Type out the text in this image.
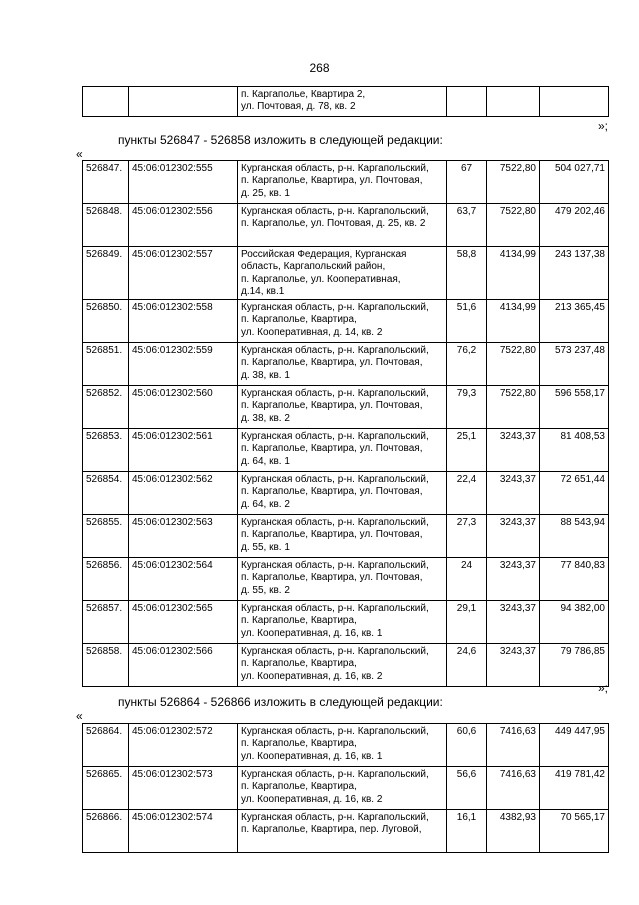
268
		п. Каргаполье, Квартира 2,
ул. Почтовая, д. 78, кв. 2			
»;
пункты 526847 - 526858 изложить в следующей редакции:
«
526847.	45:06:012302:555	Курганская область, р-н. Каргапольский,
п. Каргаполье, Квартира, ул. Почтовая,
д. 25, кв. 1	67	7522,80	504 027,71
526848.	45:06:012302:556	Курганская область, р-н. Каргапольский,
п. Каргаполье, ул. Почтовая, д. 25, кв. 2	63,7	7522,80	479 202,46
526849.	45:06:012302:557	Российская Федерация, Курганская
область, Каргапольский район,
п. Каргаполье, ул. Кооперативная,
д.14, кв.1	58,8	4134,99	243 137,38
526850.	45:06:012302:558	Курганская область, р-н. Каргапольский,
п. Каргаполье, Квартира,
ул. Кооперативная, д. 14, кв. 2	51,6	4134,99	213 365,45
526851.	45:06:012302:559	Курганская область, р-н. Каргапольский,
п. Каргаполье, Квартира, ул. Почтовая,
д. 38, кв. 1	76,2	7522,80	573 237,48
526852.	45:06:012302:560	Курганская область, р-н. Каргапольский,
п. Каргаполье, Квартира, ул. Почтовая,
д. 38, кв. 2	79,3	7522,80	596 558,17
526853.	45:06:012302:561	Курганская область, р-н. Каргапольский,
п. Каргаполье, Квартира, ул. Почтовая,
д. 64, кв. 1	25,1	3243,37	81 408,53
526854.	45:06:012302:562	Курганская область, р-н. Каргапольский,
п. Каргаполье, Квартира, ул. Почтовая,
д. 64, кв. 2	22,4	3243,37	72 651,44
526855.	45:06:012302:563	Курганская область, р-н. Каргапольский,
п. Каргаполье, Квартира, ул. Почтовая,
д. 55, кв. 1	27,3	3243,37	88 543,94
526856.	45:06:012302:564	Курганская область, р-н. Каргапольский,
п. Каргаполье, Квартира, ул. Почтовая,
д. 55, кв. 2	24	3243,37	77 840,83
526857.	45:06:012302:565	Курганская область, р-н. Каргапольский,
п. Каргаполье, Квартира,
ул. Кооперативная, д. 16, кв. 1	29,1	3243,37	94 382,00
526858.	45:06:012302:566	Курганская область, р-н. Каргапольский,
п. Каргаполье, Квартира,
ул. Кооперативная, д. 16, кв. 2	24,6	3243,37	79 786,85
»;
пункты 526864 - 526866 изложить в следующей редакции:
«
526864.	45:06:012302:572	Курганская область, р-н. Каргапольский,
п. Каргаполье, Квартира,
ул. Кооперативная, д. 16, кв. 1	60,6	7416,63	449 447,95
526865.	45:06:012302:573	Курганская область, р-н. Каргапольский,
п. Каргаполье, Квартира,
ул. Кооперативная, д. 16, кв. 2	56,6	7416,63	419 781,42
526866.	45:06:012302:574	Курганская область, р-н. Каргапольский,
п. Каргаполье, Квартира, пер. Луговой,	16,1	4382,93	70 565,17
